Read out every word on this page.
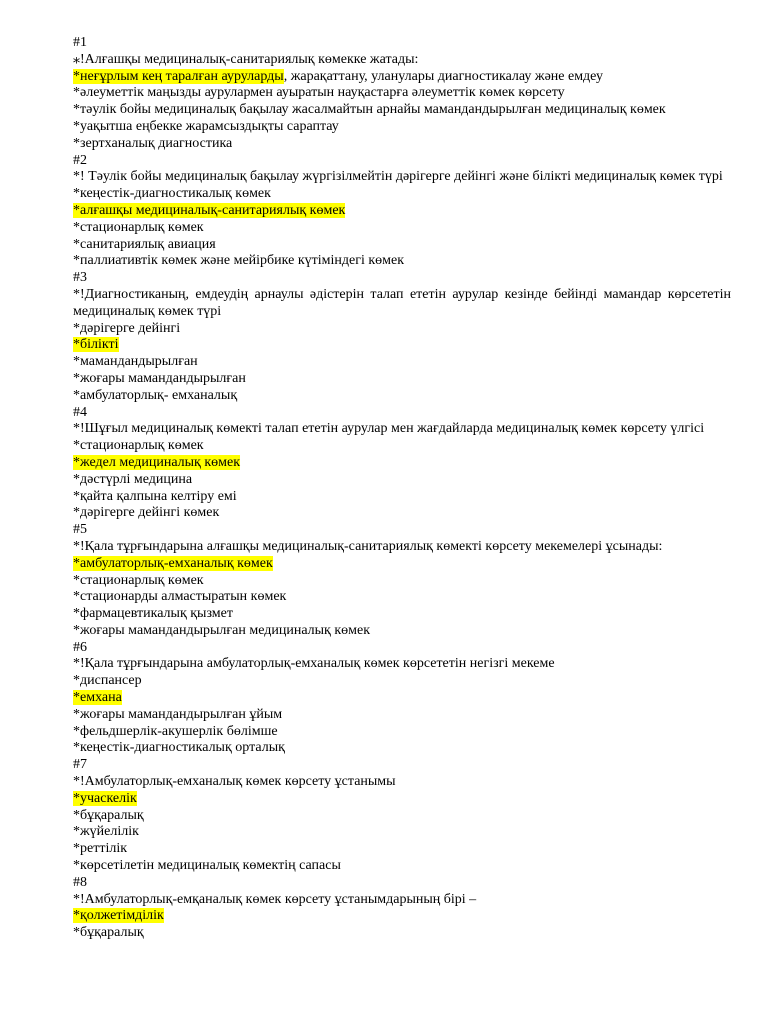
#1

⁎!Алғашқы медициналық-санитариялық көмекке жатады:

*неғұрлым кең таралған ауруларды, жарақаттану, уланулары диагностикалау және емдеу

*әлеуметтік маңызды аурулармен ауыратын науқастарға әлеуметтік көмек көрсету

*тәулік бойы медициналық бақылау жасалмайтын арнайы мамандандырылған медициналық көмек

*уақытша еңбекке жарамсыздықты сараптау

*зертханалық диагностика

#2

*! Тәулік бойы медициналық бақылау жүргізілмейтін дәрігерге дейінгі және білікті медициналық көмек түрі

*кеңестік-диагностикалық көмек

*алғашқы медициналық-санитариялық көмек

*стационарлық көмек

*санитариялық авиация

*паллиативтік көмек және мейірбике күтіміндегі көмек

#3

*!Диагностиканың, емдеудің арнаулы әдістерін талап ететін аурулар кезінде бейінді мамандар көрсететін медициналық көмек түрі

*дәрігерге дейінгі

*білікті

*мамандандырылған

*жоғары мамандандырылған

*амбулаторлық- емханалық

#4

*!Шұғыл медициналық көмекті талап ететін аурулар мен жағдайларда медициналық көмек көрсету үлгісі

*стационарлық көмек

*жедел медициналық көмек

*дәстүрлі медицина

*қайта қалпына келтіру емі

*дәрігерге дейінгі көмек

#5

*!Қала тұрғындарына алғашқы медициналық-санитариялық көмекті көрсету мекемелері ұсынады:

*амбулаторлық-емханалық көмек

*стационарлық көмек

*стационарды алмастыратын көмек

*фармацевтикалық қызмет

*жоғары мамандандырылған медициналық көмек

#6

*!Қала тұрғындарына амбулаторлық-емханалық көмек көрсететін негізгі мекеме

*диспансер

*емхана

*жоғары мамандандырылған ұйым

*фельдшерлік-акушерлік бөлімше

*кеңестік-диагностикалық орталық

#7

*!Амбулаторлық-емханалық көмек көрсету ұстанымы

*учаскелік

*бұқаралық

*жүйелілік

*реттілік

*көрсетілетін медициналық көмектің сапасы

#8

*!Амбулаторлық-емқаналық көмек көрсету ұстанымдарының бірі –

*қолжетімділік

*бұқаралық
